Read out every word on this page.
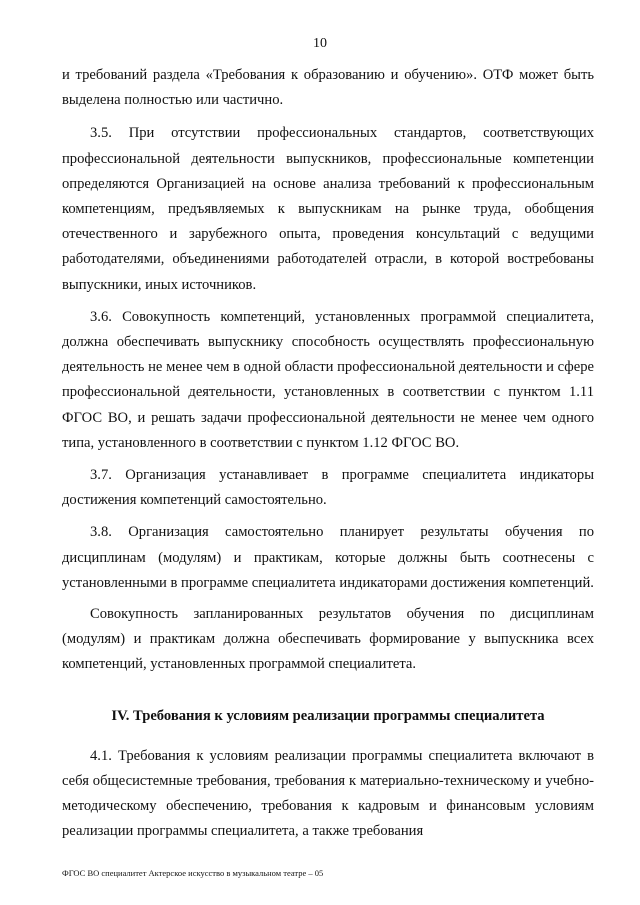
10

и требований раздела «Требования к образованию и обучению». ОТФ может быть выделена полностью или частично.

3.5. При отсутствии профессиональных стандартов, соответствующих профессиональной деятельности выпускников, профессиональные компетенции определяются Организацией на основе анализа требований к профессиональным компетенциям, предъявляемых к выпускникам на рынке труда, обобщения отечественного и зарубежного опыта, проведения консультаций с ведущими работодателями, объединениями работодателей отрасли, в которой востребованы выпускники, иных источников.

3.6. Совокупность компетенций, установленных программой специалитета, должна обеспечивать выпускнику способность осуществлять профессиональную деятельность не менее чем в одной области профессиональной деятельности и сфере профессиональной деятельности, установленных в соответствии с пунктом 1.11 ФГОС ВО, и решать задачи профессиональной деятельности не менее чем одного типа, установленного в соответствии с пунктом 1.12 ФГОС ВО.

3.7. Организация устанавливает в программе специалитета индикаторы достижения компетенций самостоятельно.

3.8. Организация самостоятельно планирует результаты обучения по дисциплинам (модулям) и практикам, которые должны быть соотнесены с установленными в программе специалитета индикаторами достижения компетенций.

Совокупность запланированных результатов обучения по дисциплинам (модулям) и практикам должна обеспечивать формирование у выпускника всех компетенций, установленных программой специалитета.

IV. Требования к условиям реализации программы специалитета

4.1. Требования к условиям реализации программы специалитета включают в себя общесистемные требования, требования к материально-техническому и учебно-методическому обеспечению, требования к кадровым и финансовым условиям реализации программы специалитета, а также требования

ФГОС ВО специалитет Актерское искусство в музыкальном театре – 05
